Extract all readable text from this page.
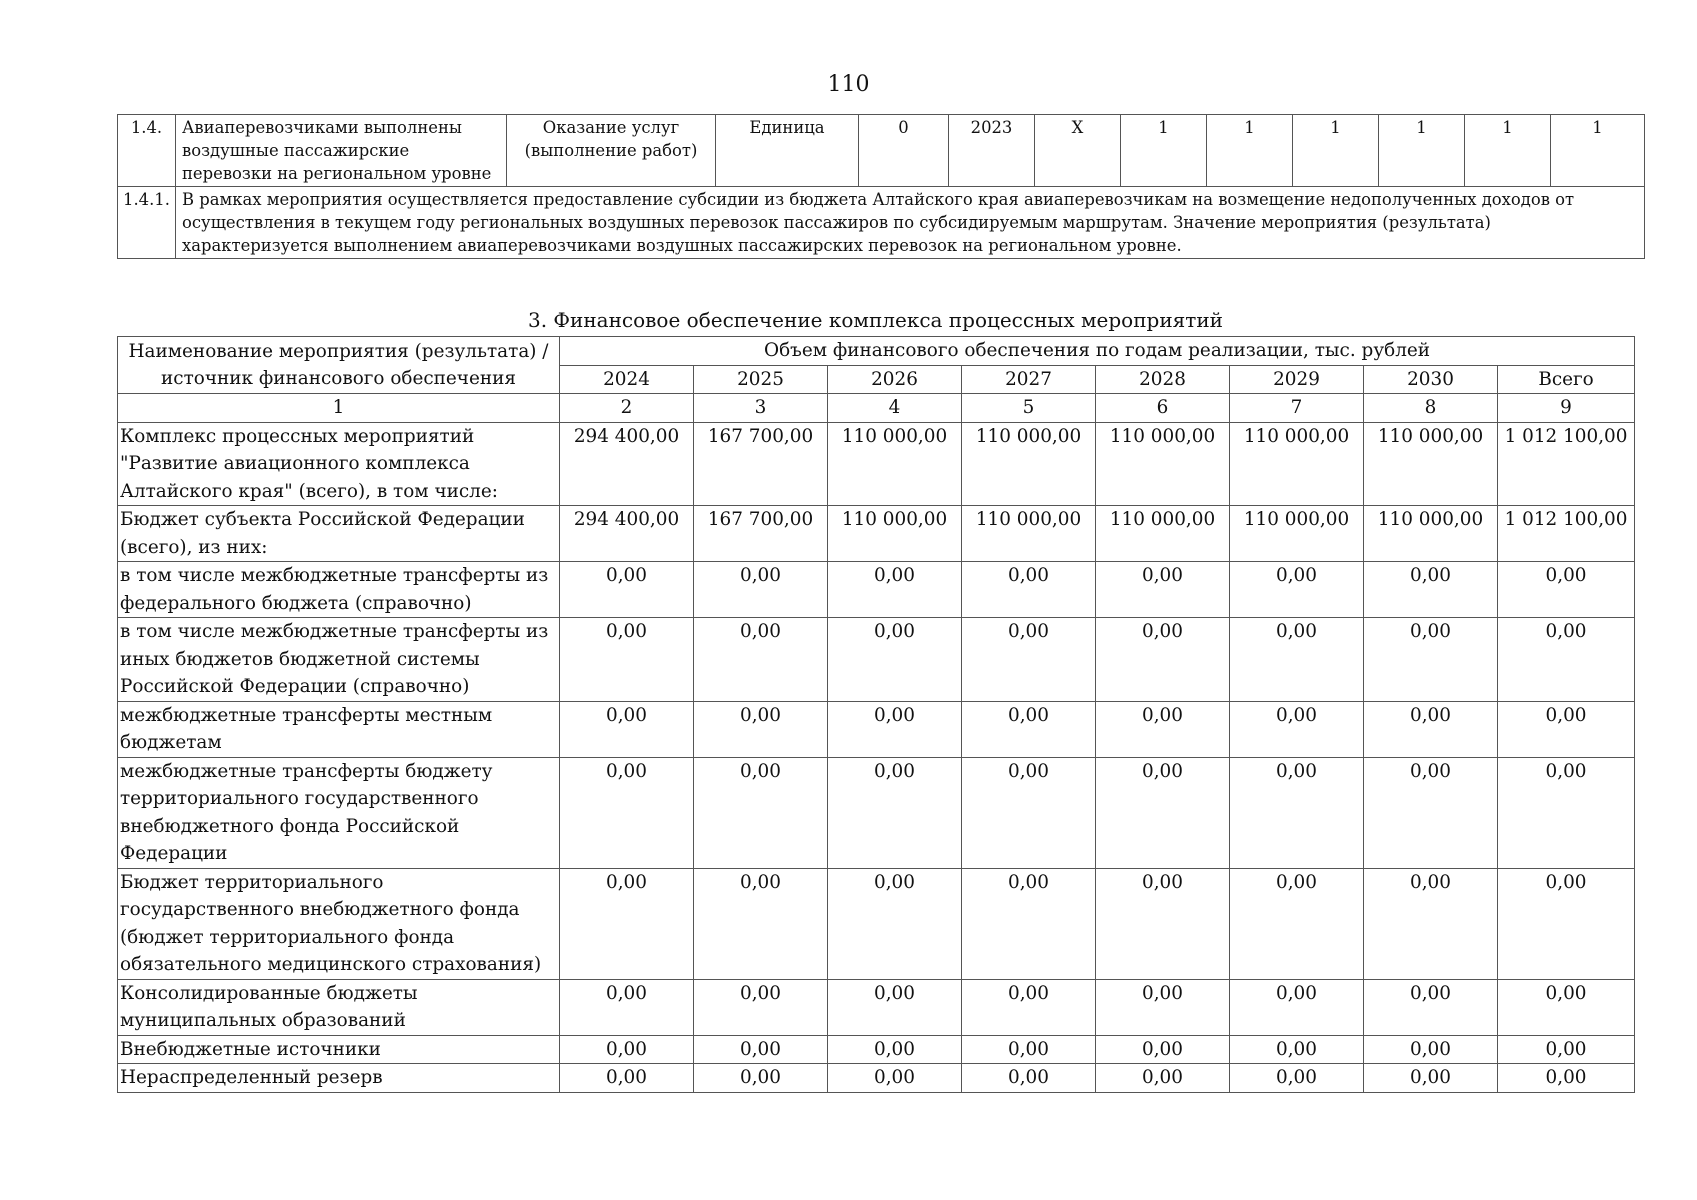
110
1.4.	Авиаперевозчиками выполнены воздушные пассажирские перевозки на региональном уровне	Оказание услуг (выполнение работ)	Единица	0	2023	Х	1	1	1	1	1	1
1.4.1.	В рамках мероприятия осуществляется предоставление субсидии из бюджета Алтайского края авиаперевозчикам на возмещение недополученных доходов от осуществления в текущем году региональных воздушных перевозок пассажиров по субсидируемым маршрутам. Значение мероприятия (результата) характеризуется выполнением авиаперевозчиками воздушных пассажирских перевозок на региональном уровне.											
3. Финансовое обеспечение комплекса процессных мероприятий
Наименование мероприятия (результата) / источник финансового обеспечения	Объем финансового обеспечения по годам реализации, тыс. рублей							
	2024	2025	2026	2027	2028	2029	2030	Всего
1	2	3	4	5	6	7	8	9
Комплекс процессных мероприятий "Развитие авиационного комплекса Алтайского края" (всего), в том числе:	294 400,00	167 700,00	110 000,00	110 000,00	110 000,00	110 000,00	110 000,00	1 012 100,00
Бюджет субъекта Российской Федерации (всего), из них:	294 400,00	167 700,00	110 000,00	110 000,00	110 000,00	110 000,00	110 000,00	1 012 100,00
в том числе межбюджетные трансферты из федерального бюджета (справочно)	0,00	0,00	0,00	0,00	0,00	0,00	0,00	0,00
в том числе межбюджетные трансферты из иных бюджетов бюджетной системы Российской Федерации (справочно)	0,00	0,00	0,00	0,00	0,00	0,00	0,00	0,00
межбюджетные трансферты местным бюджетам	0,00	0,00	0,00	0,00	0,00	0,00	0,00	0,00
межбюджетные трансферты бюджету территориального государственного внебюджетного фонда Российской Федерации	0,00	0,00	0,00	0,00	0,00	0,00	0,00	0,00
Бюджет территориального государственного внебюджетного фонда (бюджет территориального фонда обязательного медицинского страхования)	0,00	0,00	0,00	0,00	0,00	0,00	0,00	0,00
Консолидированные бюджеты муниципальных образований	0,00	0,00	0,00	0,00	0,00	0,00	0,00	0,00
Внебюджетные источники	0,00	0,00	0,00	0,00	0,00	0,00	0,00	0,00
Нераспределенный резерв	0,00	0,00	0,00	0,00	0,00	0,00	0,00	0,00
